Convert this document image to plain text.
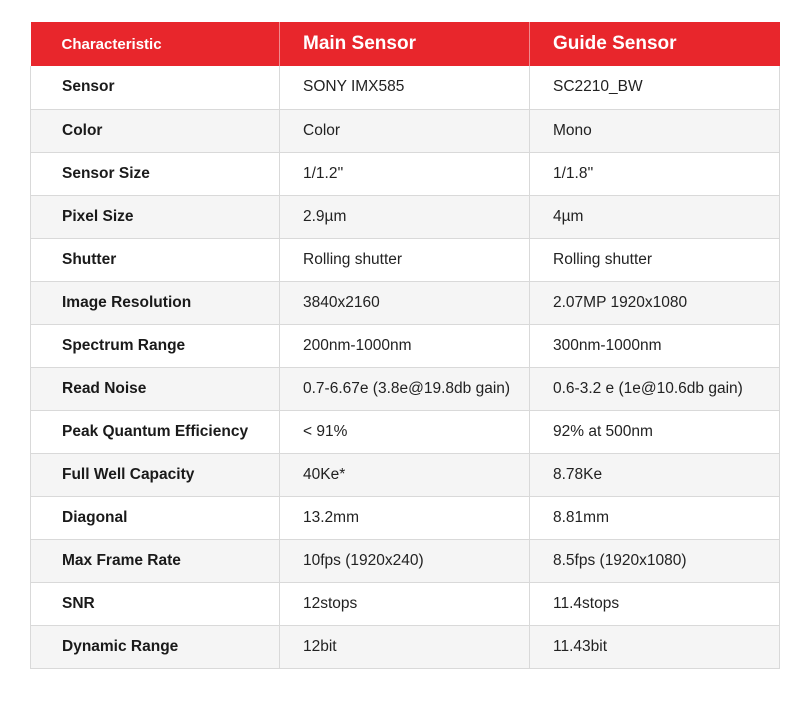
Characteristic	Main Sensor	Guide Sensor
Sensor	SONY IMX585	SC2210_BW
Color	Color	Mono
Sensor Size	1/1.2''	1/1.8''
Pixel Size	2.9µm	4µm
Shutter	Rolling shutter	Rolling shutter
Image Resolution	3840x2160	2.07MP 1920x1080
Spectrum Range	200nm-1000nm	300nm-1000nm
Read Noise	0.7-6.67e (3.8e@19.8db gain)	0.6-3.2 e (1e@10.6db gain)
Peak Quantum Efficiency	< 91%	92% at 500nm
Full Well Capacity	40Ke*	8.78Ke
Diagonal	13.2mm	8.81mm
Max Frame Rate	10fps (1920x240)	8.5fps (1920x1080)
SNR	12stops	11.4stops
Dynamic Range	12bit	11.43bit
